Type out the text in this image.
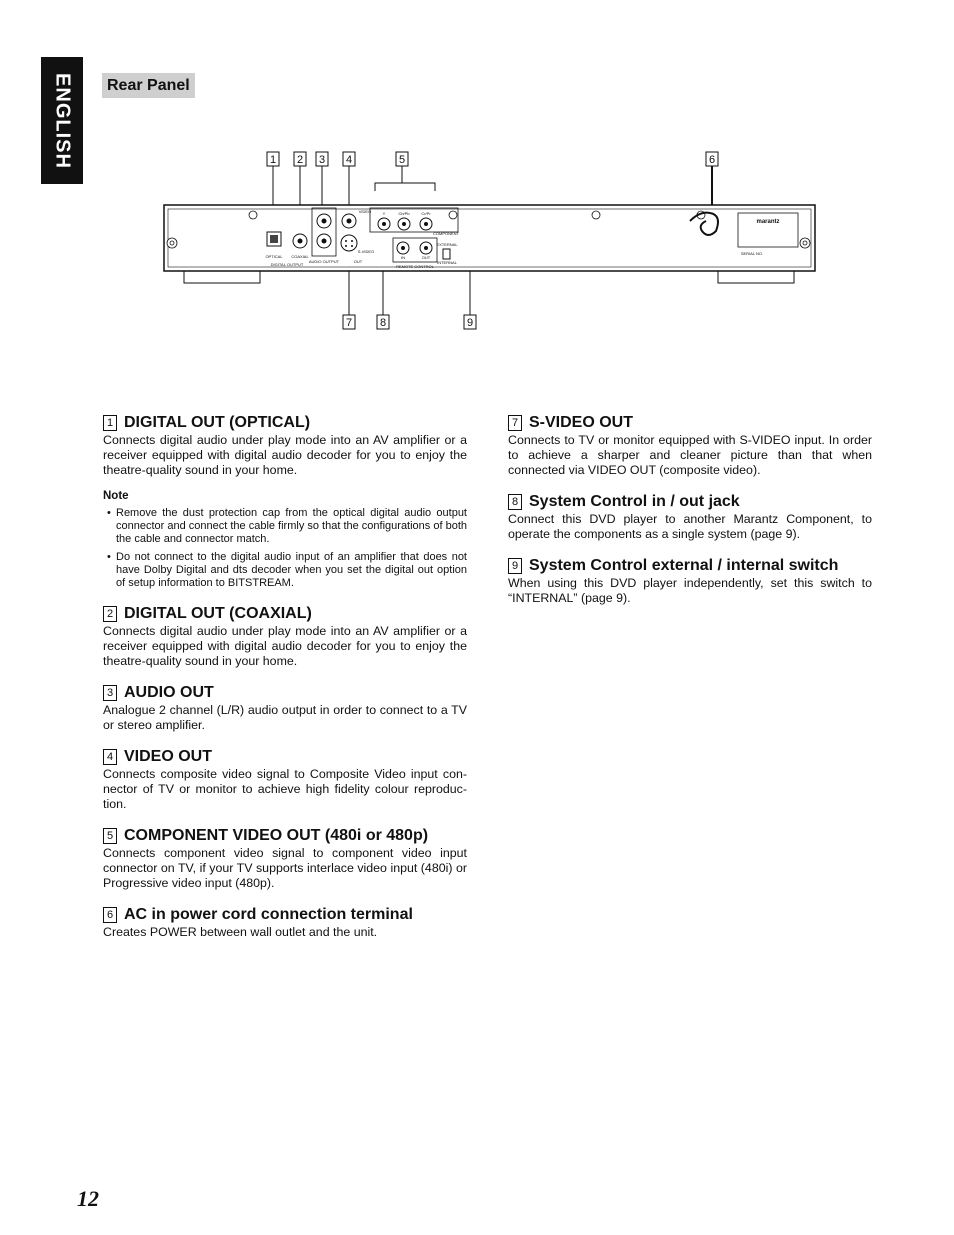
ENGLISH	Rear Panel
1 2 3 4	5	6
7	8	9
OPTICAL COAXIAL
DIGITAL OUTPUT
AUDIO OUTPUT
VIDEO
S-VIDEO
OUT
Y	Cb/Pb	Cr/Pr
COMPONENT
EXTERNAL
INTERNAL
IN	OUT
REMOTE CONTROL
SERIAL NO.
marantz
1 DIGITAL OUT (OPTICAL)

Connects digital audio under play mode into an AV amplifier or a receiver equipped with digital audio decoder for you to enjoy the theatre-quality sound in your home.

Note
• Remove the dust protection cap from the optical digital audio output connector and connect the cable firmly so that the configurations of both the cable and connector match.
• Do not connect to the digital audio input of an amplifier that does not have Dolby Digital and dts decoder when you set the digital out option of setup information to BITSTREAM.
2 DIGITAL OUT (COAXIAL)

Connects digital audio under play mode into an AV amplifier or a receiver equipped with digital audio decoder for you to enjoy the theatre-quality sound in your home.

3 AUDIO OUT

Analogue 2 channel (L/R) audio output in order to connect to a TV or stereo amplifier.

4 VIDEO OUT

Connects composite video signal to Composite Video input con-nector of TV or monitor to achieve high fidelity colour reproduc-tion.

5 COMPONENT VIDEO OUT (480i or 480p)

Connects component video signal to component video input connector on TV, if your TV supports interlace video input (480i) or Progressive video input (480p).

6 AC in power cord connection terminal

Creates POWER between wall outlet and the unit.

7 S-VIDEO OUT

Connects to TV or monitor equipped with S-VIDEO input. In order to achieve a sharper and cleaner picture than that when connected via VIDEO OUT (composite video).

8 System Control in / out jack

Connect this DVD player to another Marantz Component, to operate the components as a single system (page 9).

9 System Control external / internal switch

When using this DVD player independently, set this switch to “INTERNAL” (page 9).

12
